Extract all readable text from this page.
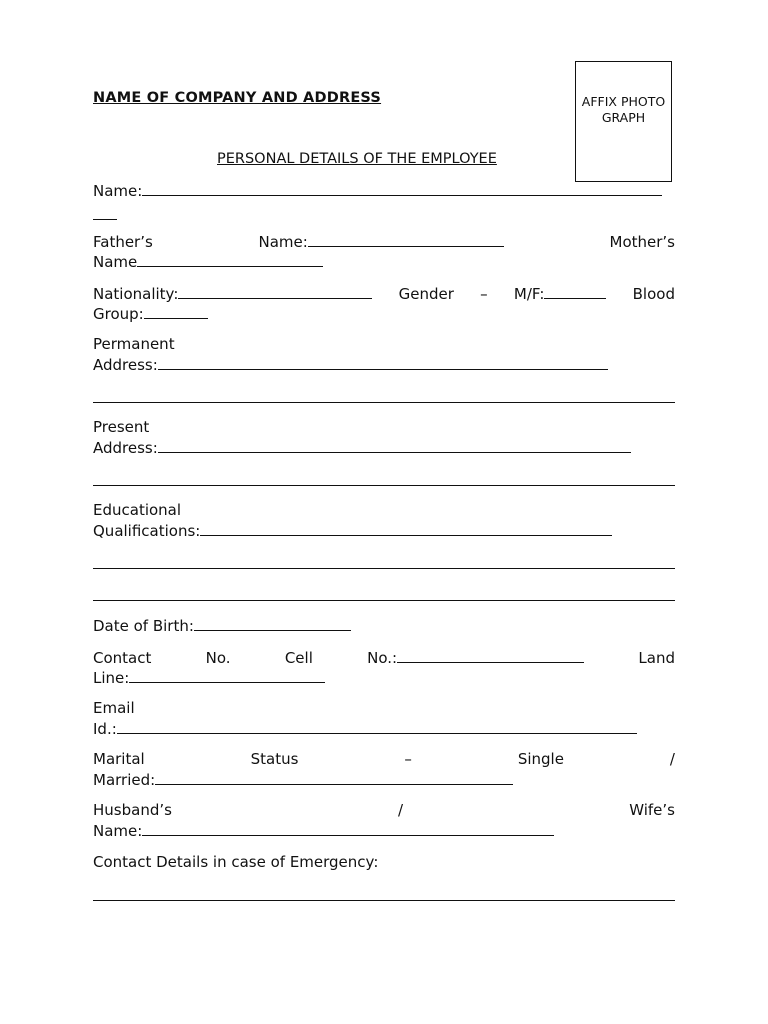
NAME OF COMPANY AND ADDRESS	AFFIX PHOTOGRAPH
PERSONAL DETAILS OF THE EMPLOYEE
Name:
Father’s	Name:	Mother’s
Name
Nationality:	Gender – M/F:	Blood
Group:
Permanent
Address:
Present
Address:
Educational
Qualifications:
Date of Birth:
Contact	No.	Cell	No.:	Land
Line:
Email
Id.:
Marital	Status	–	Single	/
Married:
Husband’s	/	Wife’s
Name:
Contact Details in case of Emergency:
